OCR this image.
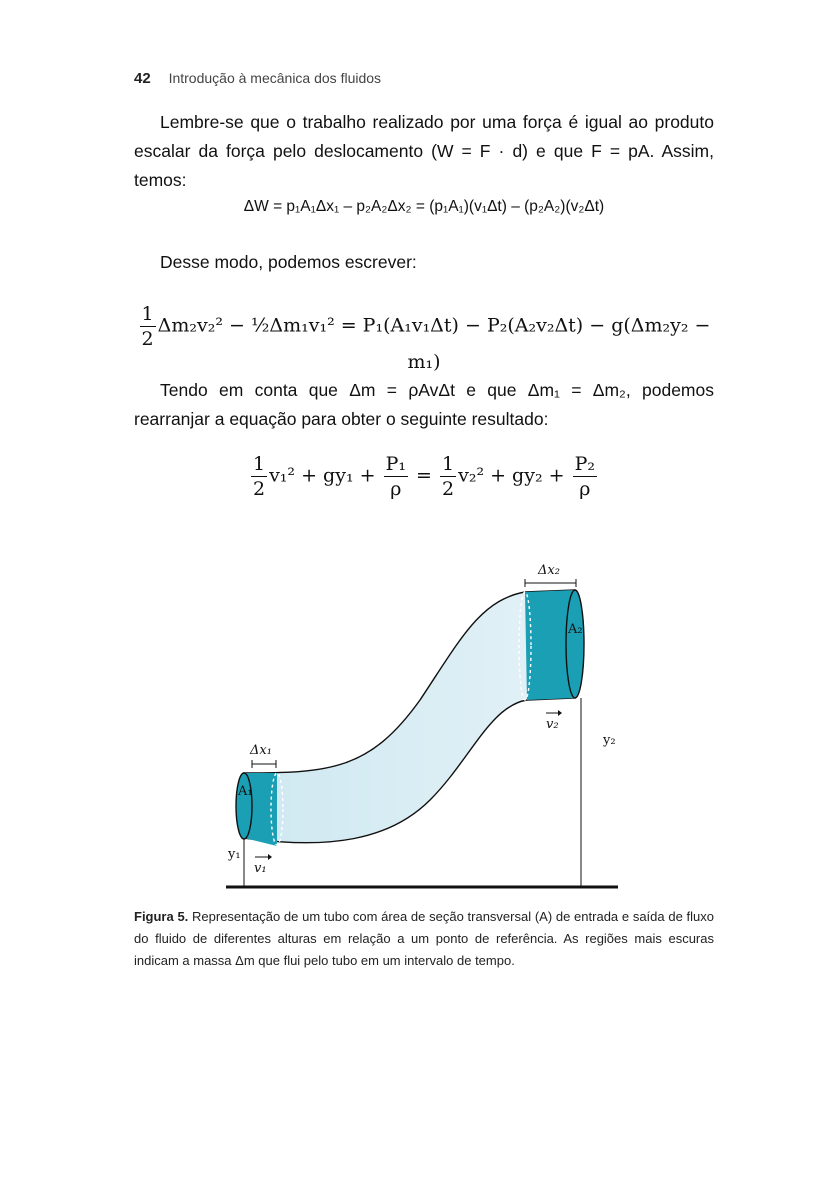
42 Introdução à mecânica dos fluidos

Lembre-se que o trabalho realizado por uma força é igual ao produto escalar da força pelo deslocamento (W = F · d) e que F = pA. Assim, temos:

ΔW = p₁A₁Δx₁ – p₂A₂Δx₂ = (p₁A₁)(v₁Δt) – (p₂A₂)(v₂Δt)

Desse modo, podemos escrever:

$\frac{1}{2} \Delta m_2v_2^2$ − ½Δm₁v₁² = P₁(A₁v₁Δt) − P₂(A₂v₂Δt) − g(Δm₂y₂ − m₁)

Tendo em conta que Δm = ρAvΔt e que Δm₁ = Δm₂, podemos rearranjar a equação para obter o seguinte resultado:

$\frac{1}{2} v_1^2 + gy_1 + \frac{\text{P₁}}{\rho} = \frac{1}{2} v_2^2 + gy_2 + \frac{\text{P₂}}{\rho}$
Δx₁
Δx₂
A₁
A₂
v₁
v₂
y₁
y₂

Figura 5. Representação de um tubo com área de seção transversal (A) de entrada e saída de fluxo do fluido de diferentes alturas em relação a um ponto de referência. As regiões mais escuras indicam a massa Δm que flui pelo tubo em um intervalo de tempo.
